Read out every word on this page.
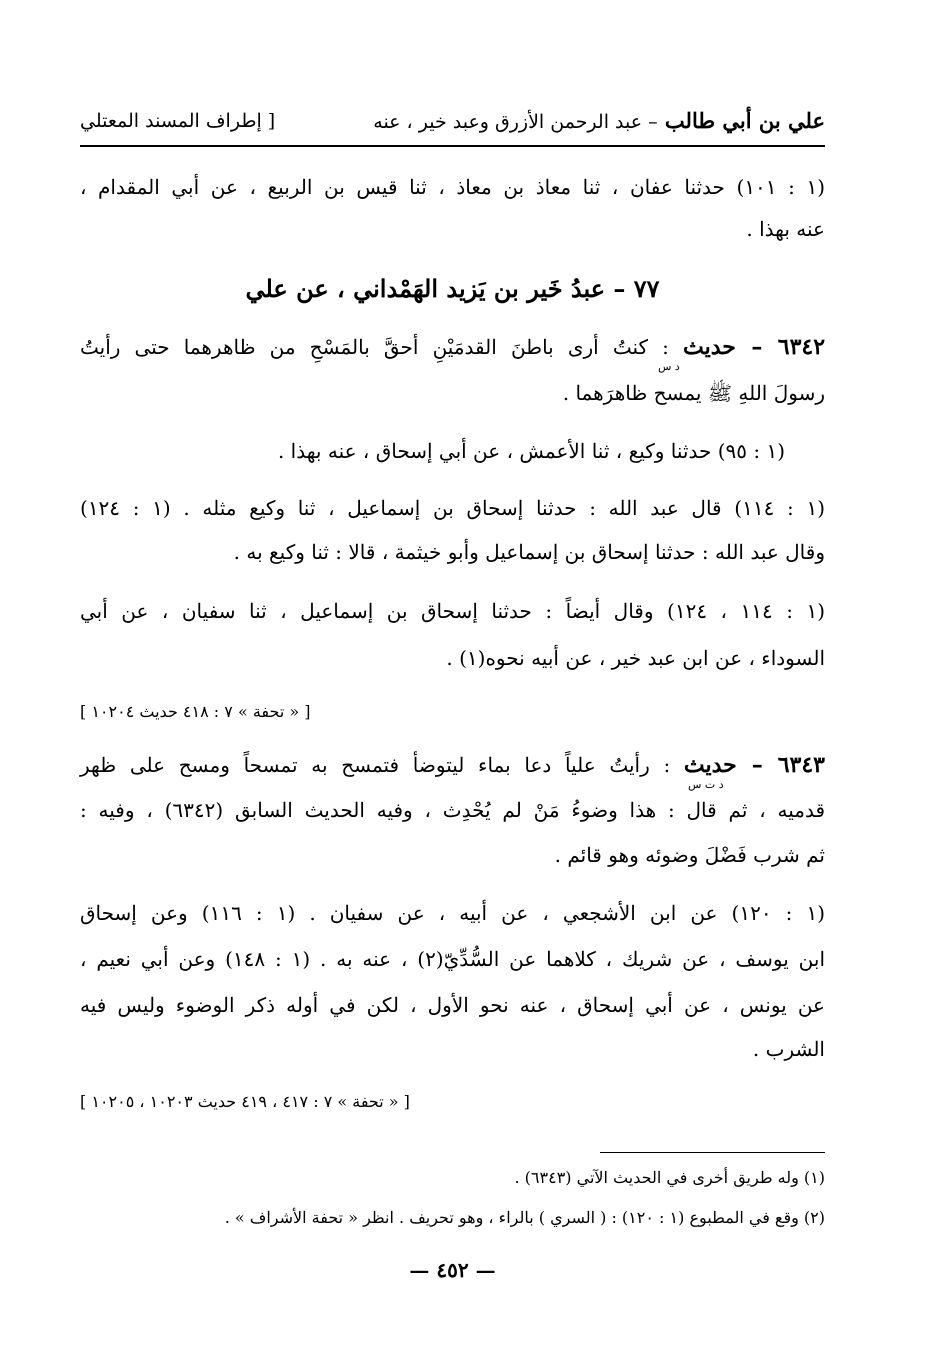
علي بن أبي طالب – عبد الرحمن الأزرق وعبد خير ، عنه
[ إطراف المسند المعتلي
(١ : ١٠١) حدثنا عفان ، ثنا معاذ بن معاذ ، ثنا قيس بن الربيع ، عن أبي المقدام ،
عنه بهذا .
٧٧ – عبدُ خَير بن يَزيد الهَمْداني ، عن علي
٦٣٤٢ – حديث : كنتُ أرى باطنَ القدمَيْنِ أحقَّ بالمَسْحِ من ظاهرهما حتى رأيتُ
د س
رسولَ اللهِ ﷺ يمسح ظاهرَهما .
(١ : ٩٥) حدثنا وكيع ، ثنا الأعمش ، عن أبي إسحاق ، عنه بهذا .
(١ : ١١٤) قال عبد الله : حدثنا إسحاق بن إسماعيل ، ثنا وكيع مثله . (١ : ١٢٤)
وقال عبد الله : حدثنا إسحاق بن إسماعيل وأبو خيثمة ، قالا : ثنا وكيع به .
(١ : ١١٤ ، ١٢٤) وقال أيضاً : حدثنا إسحاق بن إسماعيل ، ثنا سفيان ، عن أبي
السوداء ، عن ابن عبد خير ، عن أبيه نحوه(١) .
[ « تحفة » ٧ : ٤١٨ حديث ١٠٢٠٤ ]
٦٣٤٣ – حديث : رأيتُ علياً دعا بماء ليتوضأ فتمسح به تمسحاً ومسح على ظهر
د ت س
قدميه ، ثم قال : هذا وضوءُ مَنْ لم يُحْدِث ، وفيه الحديث السابق (٦٣٤٢) ، وفيه :
ثم شرب فَضْلَ وضوئه وهو قائم .
(١ : ١٢٠) عن ابن الأشجعي ، عن أبيه ، عن سفيان . (١ : ١١٦) وعن إسحاق
ابن يوسف ، عن شريك ، كلاهما عن السُّدِّيّ(٢) ، عنه به . (١ : ١٤٨) وعن أبي نعيم ،
عن يونس ، عن أبي إسحاق ، عنه نحو الأول ، لكن في أوله ذكر الوضوء وليس فيه
الشرب .
[ « تحفة » ٧ : ٤١٧ ، ٤١٩ حديث ١٠٢٠٣ ، ١٠٢٠٥ ]
(١) وله طريق أخرى في الحديث الآتي (٦٣٤٣) .
(٢) وقع في المطبوع (١ : ١٢٠) : ( السري ) بالراء ، وهو تحريف . انظر « تحفة الأشراف » .
— ٤٥٢ —
